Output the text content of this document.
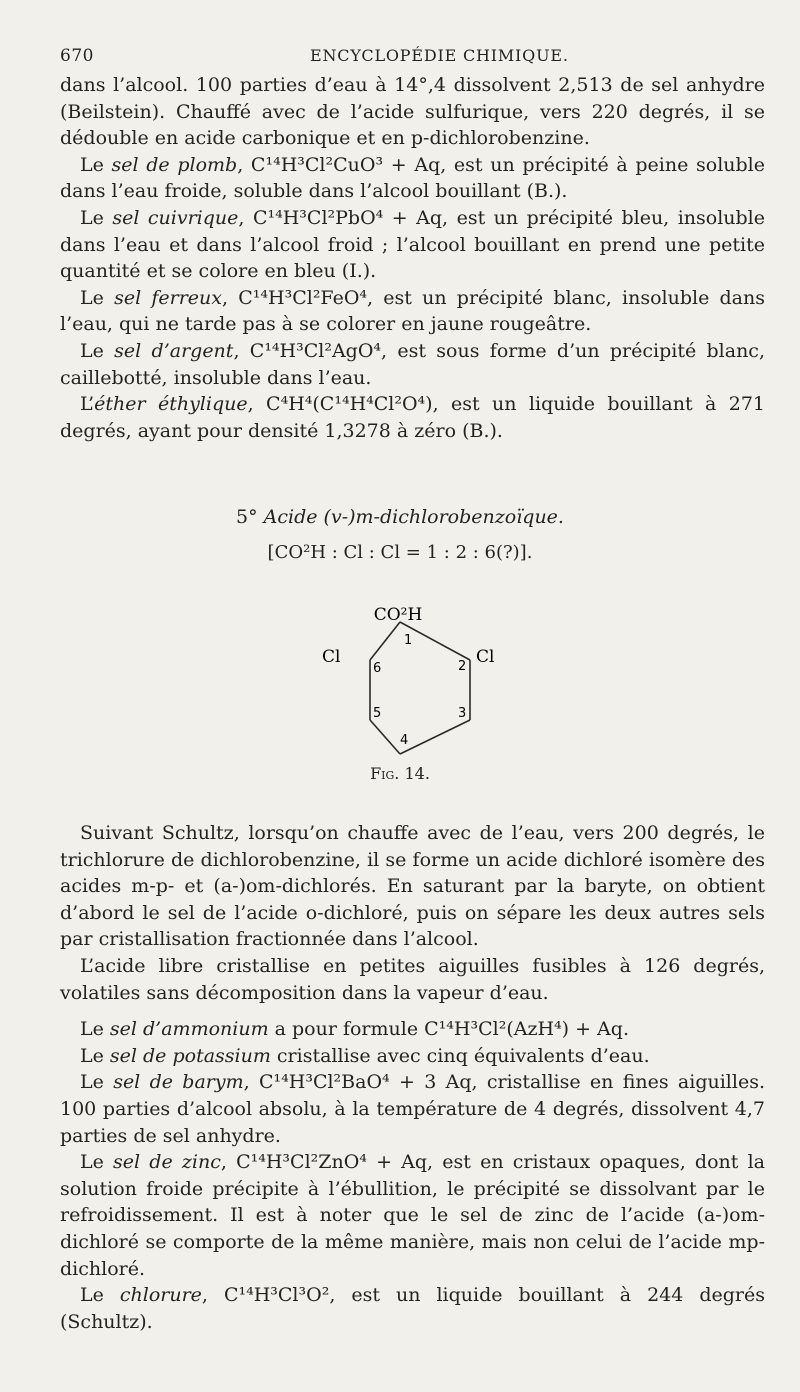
670	ENCYCLOPÉDIE CHIMIQUE.

dans l’alcool. 100 parties d’eau à 14°,4 dissolvent 2,513 de sel anhydre (Beilstein). Chauffé avec de l’acide sulfurique, vers 220 degrés, il se dédouble en acide carbonique et en p-dichlorobenzine.

Le sel de plomb, C¹⁴H³Cl²CuO³ + Aq, est un précipité à peine soluble dans l’eau froide, soluble dans l’alcool bouillant (B.).

Le sel cuivrique, C¹⁴H³Cl²PbO⁴ + Aq, est un précipité bleu, insoluble dans l’eau et dans l’alcool froid ; l’alcool bouillant en prend une petite quantité et se colore en bleu (I.).

Le sel ferreux, C¹⁴H³Cl²FeO⁴, est un précipité blanc, insoluble dans l’eau, qui ne tarde pas à se colorer en jaune rougeâtre.

Le sel d’argent, C¹⁴H³Cl²AgO⁴, est sous forme d’un précipité blanc, caillebotté, insoluble dans l’eau.

L’éther éthylique, C⁴H⁴(C¹⁴H⁴Cl²O⁴), est un liquide bouillant à 271 degrés, ayant pour densité 1,3278 à zéro (B.).

5° Acide (v-)m-dichlorobenzoïque.
[CO²H : Cl : Cl = 1 : 2 : 6(?)].
CO²H
Cl	Cl
1
2
3
4
5
6
Fig. 14.

Suivant Schultz, lorsqu’on chauffe avec de l’eau, vers 200 degrés, le trichlorure de dichlorobenzine, il se forme un acide dichloré isomère des acides m-p- et (a-)om-dichlorés. En saturant par la baryte, on obtient d’abord le sel de l’acide o-dichloré, puis on sépare les deux autres sels par cristallisation fractionnée dans l’alcool.

L’acide libre cristallise en petites aiguilles fusibles à 126 degrés, volatiles sans décomposition dans la vapeur d’eau.

Le sel d’ammonium a pour formule C¹⁴H³Cl²(AzH⁴) + Aq.

Le sel de potassium cristallise avec cinq équivalents d’eau.

Le sel de barym, C¹⁴H³Cl²BaO⁴ + 3 Aq, cristallise en fines aiguilles. 100 parties d’alcool absolu, à la température de 4 degrés, dissolvent 4,7 parties de sel anhydre.

Le sel de zinc, C¹⁴H³Cl²ZnO⁴ + Aq, est en cristaux opaques, dont la solution froide précipite à l’ébullition, le précipité se dissolvant par le refroidissement. Il est à noter que le sel de zinc de l’acide (a-)om-dichloré se comporte de la même manière, mais non celui de l’acide mp-dichloré.

Le chlorure, C¹⁴H³Cl³O², est un liquide bouillant à 244 degrés (Schultz).
